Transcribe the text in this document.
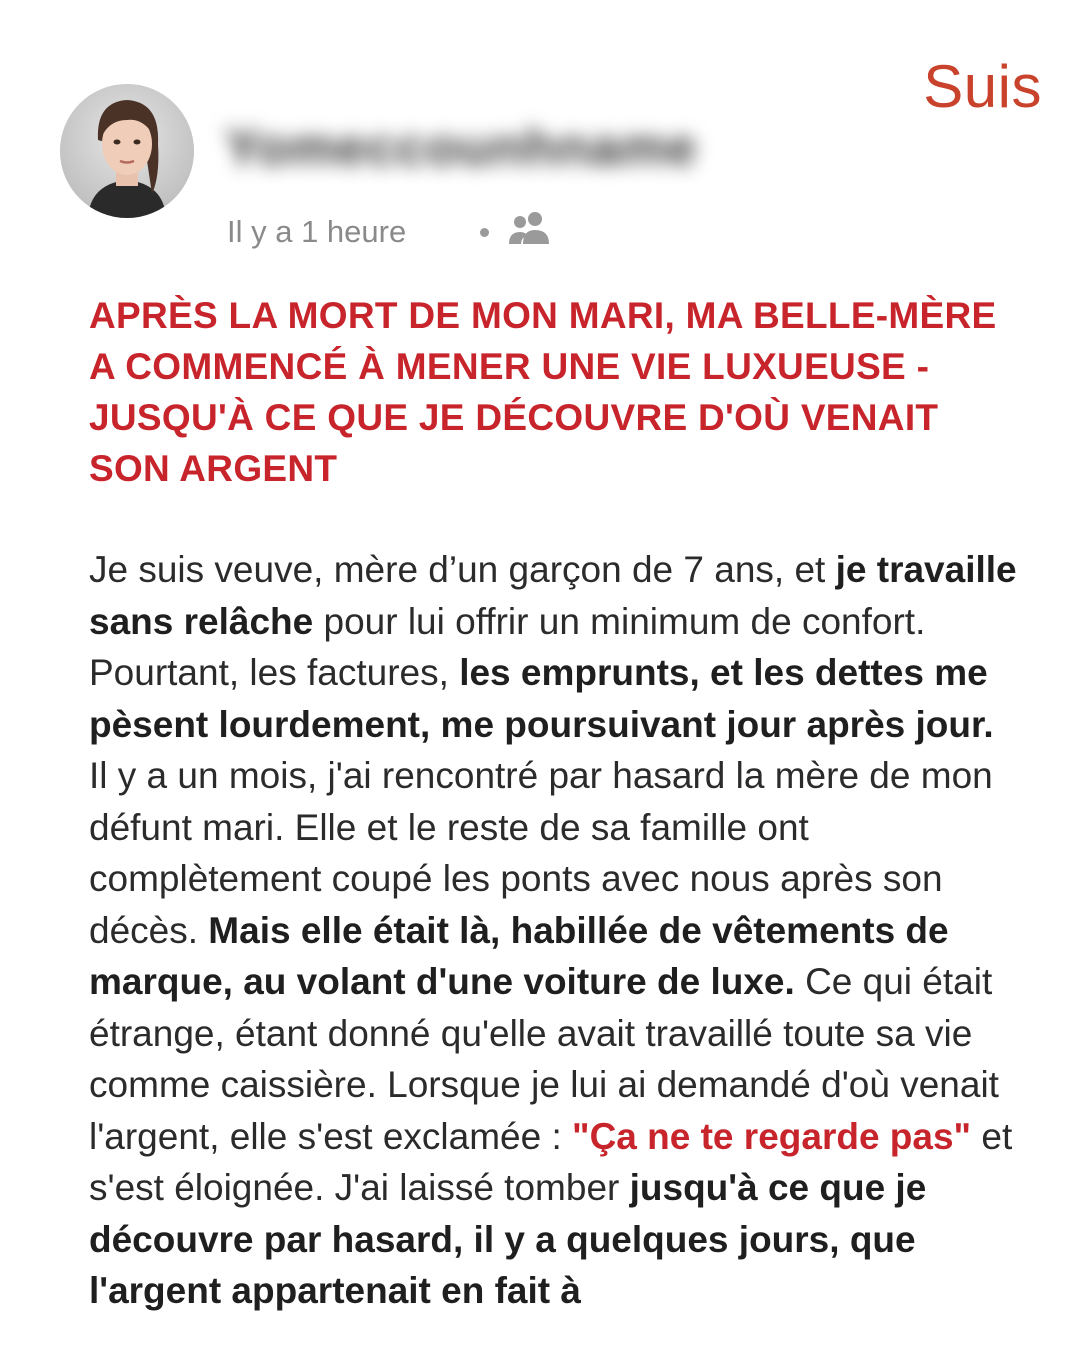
Suis
Yomeccounhname
Il y a 1 heure
APRÈS LA MORT DE MON MARI, MA BELLE-MÈRE A COMMENCÉ À MENER UNE VIE LUXUEUSE - JUSQU'À CE QUE JE DÉCOUVRE D'OÙ VENAIT SON ARGENT
Je suis veuve, mère d’un garçon de 7 ans, et je travaille sans relâche pour lui offrir un minimum de confort. Pourtant, les factures, les emprunts, et les dettes me pèsent lourdement, me poursuivant jour après jour.
Il y a un mois, j'ai rencontré par hasard la mère de mon défunt mari. Elle et le reste de sa famille ont complètement coupé les ponts avec nous après son décès. Mais elle était là, habillée de vêtements de marque, au volant d'une voiture de luxe. Ce qui était étrange, étant donné qu'elle avait travaillé toute sa vie comme caissière. Lorsque je lui ai demandé d'où venait l'argent, elle s'est exclamée : "Ça ne te regarde pas" et s'est éloignée. J'ai laissé tomber jusqu'à ce que je découvre par hasard, il y a quelques jours, que l'argent appartenait en fait à
